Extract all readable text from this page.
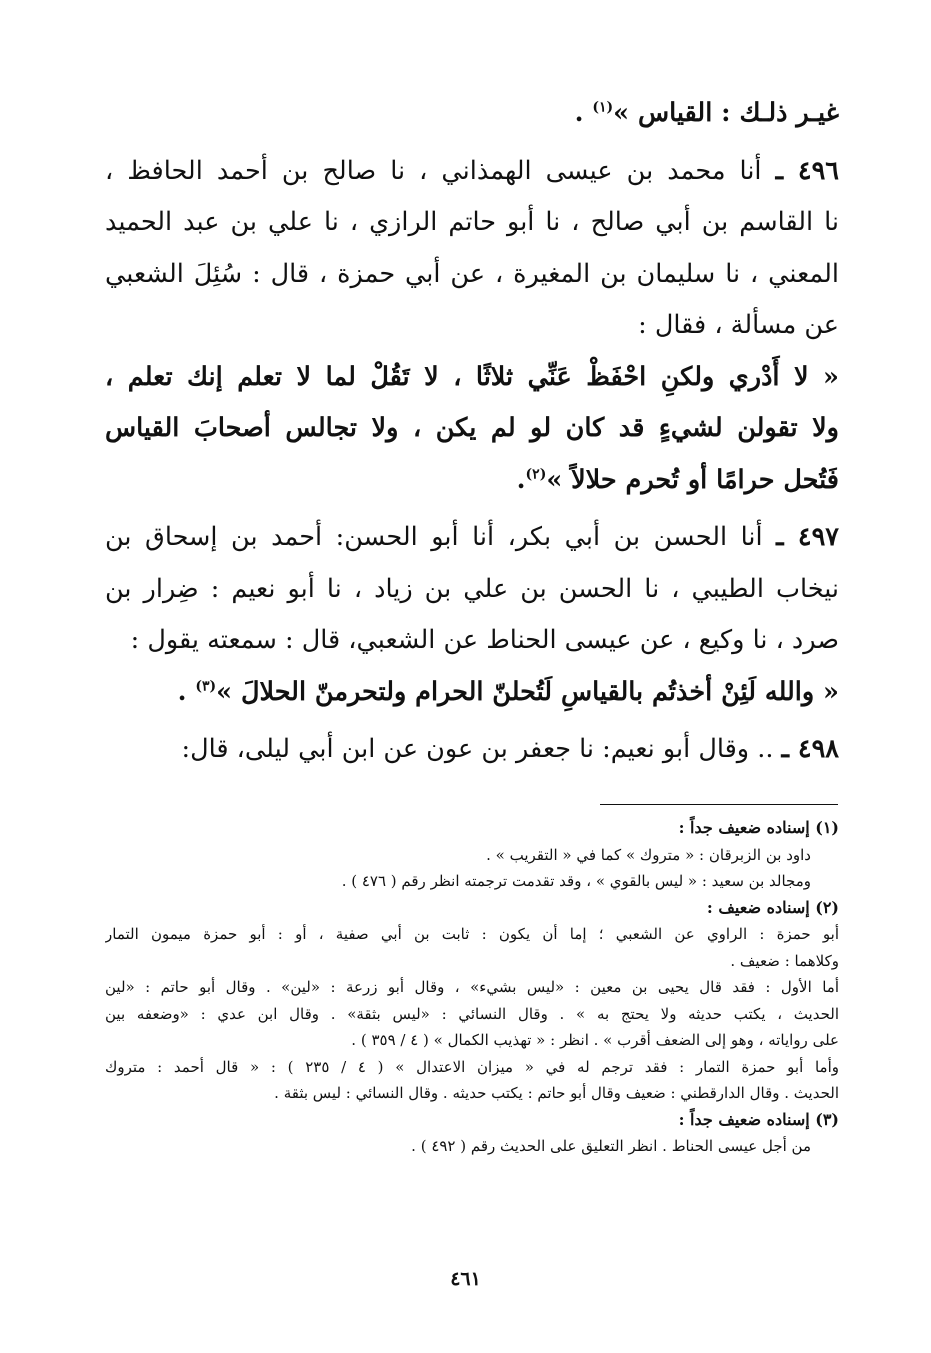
غيـر ذلـك : القياس »$^{(١)}$ .
٤٩٦ ـ أنا محمد بن عيسى الهمذاني ، نا صالح بن أحمد الحافظ ،
نا القاسم بن أبي صالح ، نا أبو حاتم الرازي ، نا علي بن عبد الحميد
المعني ، نا سليمان بن المغيرة ، عن أبي حمزة ، قال : سُئِلَ الشعبي
عن مسألة ، فقال :
« لا أَدْري ولكنِ احْفَظْ عَنِّي ثلاثًا ، لا تَقُلْ لما لا تعلم إنك تعلم ،
ولا تقولن لشيءٍ قد كان لو لم يكن ، ولا تجالس أصحابَ القياس
فَتُحل حرامًا أو تُحرم حلالاً »$^{(٢)}$.
٤٩٧ ـ أنا الحسن بن أبي بكر، أنا أبو الحسن: أحمد بن إسحاق بن
نيخاب الطيبي ، نا الحسن بن علي بن زياد ، نا أبو نعيم : ضِرار بن
صرد ، نا وكيع ، عن عيسى الحناط عن الشعبي، قال : سمعته يقول :
« والله لَئِنْ أخذتُم بالقياسِ لَتُحلنّ الحرام ولتحرمنّ الحلالَ »$^{(٣)}$ .
٤٩٨ ـ .. وقال أبو نعيم: نا جعفر بن عون عن ابن أبي ليلى، قال:
(١) إسناده ضعيف جداً :
داود بن الزبرقان : « متروك » كما في « التقريب » .
ومجالد بن سعيد : « ليس بالقوي » ، وقد تقدمت ترجمته انظر رقم ( ٤٧٦ ) .
(٢) إسناده ضعيف :
أبو حمزة : الراوي عن الشعبي ؛ إما أن يكون : ثابت بن أبي صفية ، أو : أبو حمزة ميمون التمار
وكلاهما : ضعيف .
أما الأول : فقد قال يحيى بن معين : «ليس بشيء» ، وقال أبو زرعة : «لين» . وقال أبو حاتم : «لين
الحديث ، يكتب حديثه ولا يحتج به » . وقال النسائي : «ليس بثقة» . وقال ابن عدي : «وضعفه بين
على رواياته ، وهو إلى الضعف أقرب » . انظر : « تهذيب الكمال » ( ٤ / ٣٥٩ ) .
وأما أبو حمزة التمار : فقد ترجم له في « ميزان الاعتدال » ( ٤ / ٢٣٥ ) : « قال أحمد : متروك
الحديث . وقال الدارقطني : ضعيف وقال أبو حاتم : يكتب حديثه . وقال النسائي : ليس بثقة .
(٣) إسناده ضعيف جداً :
من أجل عيسى الحناط . انظر التعليق على الحديث رقم ( ٤٩٢ ) .
٤٦١
